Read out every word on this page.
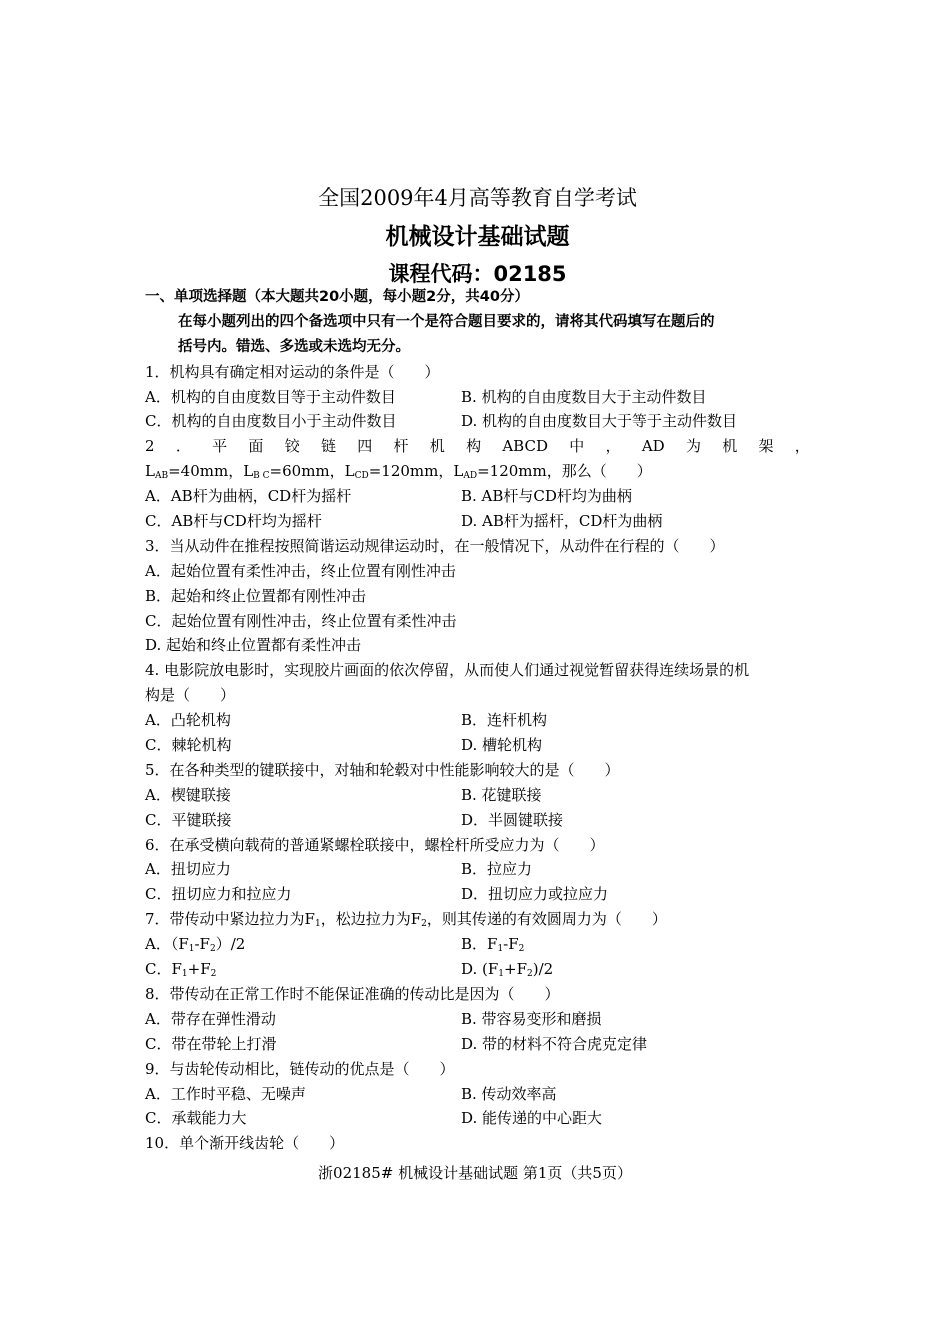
全国2009年4月高等教育自学考试
机械设计基础试题
课程代码：02185
一、单项选择题（本大题共20小题，每小题2分，共40分）
在每小题列出的四个备选项中只有一个是符合题目要求的，请将其代码填写在题后的
括号内。错选、多选或未选均无分。
1．机构具有确定相对运动的条件是（　　）
A．机构的自由度数目等于主动件数目	B. 机构的自由度数目大于主动件数目
C．机构的自由度数目小于主动件数目	D. 机构的自由度数目大于等于主动件数目
2 ． 平 面 铰 链 四 杆 机 构 ABCD 中 ， AD 为 机 架 ，
$L_{AB}=40mm$，$L_{B C}=60mm$，$L_{CD}=120mm$，$L_{AD}=120mm$，那么（　　）
A．AB杆为曲柄，CD杆为摇杆	B. AB杆与CD杆均为曲柄
C．AB杆与CD杆均为摇杆	D. AB杆为摇杆，CD杆为曲柄
3．当从动件在推程按照简谐运动规律运动时，在一般情况下，从动件在行程的（　　）
A．起始位置有柔性冲击，终止位置有刚性冲击
B．起始和终止位置都有刚性冲击
C．起始位置有刚性冲击，终止位置有柔性冲击
D. 起始和终止位置都有柔性冲击
4. 电影院放电影时，实现胶片画面的依次停留，从而使人们通过视觉暂留获得连续场景的机
构是（　　）
A．凸轮机构	B．连杆机构
C．棘轮机构	D. 槽轮机构
5．在各种类型的键联接中，对轴和轮毂对中性能影响较大的是（　　）
A．楔键联接	B. 花键联接
C．平键联接	D．半圆键联接
6．在承受横向载荷的普通紧螺栓联接中，螺栓杆所受应力为（　　）
A．扭切应力	B．拉应力
C．扭切应力和拉应力	D．扭切应力或拉应力
7．带传动中紧边拉力为$F_1$，松边拉力为$F_2$，则其传递的有效圆周力为（　　）
A．$(F_1-F_2)/2$	B．$F_1-F_2$
C．$F_1+F_2$	D. $(F_1+F_2)/2$
8．带传动在正常工作时不能保证准确的传动比是因为（　　）
A．带存在弹性滑动	B. 带容易变形和磨损
C．带在带轮上打滑	D. 带的材料不符合虎克定律
9．与齿轮传动相比，链传动的优点是（　　）
A．工作时平稳、无噪声	B. 传动效率高
C．承载能力大	D. 能传递的中心距大
10．单个渐开线齿轮（　　）
浙02185# 机械设计基础试题 第1页（共5页）
